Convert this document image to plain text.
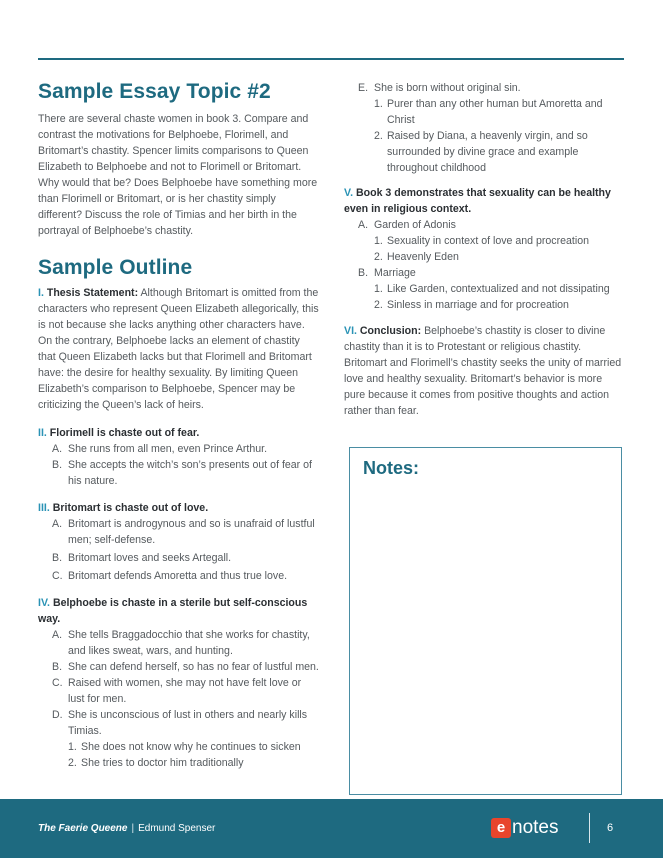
Sample Essay Topic #2

There are several chaste women in book 3. Compare and contrast the motivations for Belphoebe, Florimell, and Britomart’s chastity. Spencer limits comparisons to Queen Elizabeth to Belphoebe and not to Florimell or Britomart. Why would that be? Does Belphoebe have something more than Florimell or Britomart, or is her chastity simply different? Discuss the role of Timias and her birth in the portrayal of Belphoebe’s chastity.

Sample Outline

I. Thesis Statement: Although Britomart is omitted from the characters who represent Queen Elizabeth allegorically, this is not because she lacks anything other characters have. On the contrary, Belphoebe lacks an element of chastity that Queen Elizabeth lacks but that Florimell and Britomart have: the desire for healthy sexuality. By limiting Queen Elizabeth’s comparison to Belphoebe, Spencer may be criticizing the Queen’s lack of heirs.

II. Florimell is chaste out of fear.
A. She runs from all men, even Prince Arthur.
B. She accepts the witch’s son’s presents out of fear of his nature.
III. Britomart is chaste out of love.
A. Britomart is androgynous and so is unafraid of lustful men; self-defense.
B. Britomart loves and seeks Artegall.
C. Britomart defends Amoretta and thus true love.
IV. Belphoebe is chaste in a sterile but self-conscious way.
A. She tells Braggadocchio that she works for chastity, and likes sweat, wars, and hunting.
B. She can defend herself, so has no fear of lustful men.
C. Raised with women, she may not have felt love or lust for men.
D. She is unconscious of lust in others and nearly kills Timias.
1. She does not know why he continues to sicken
2. She tries to doctor him traditionally
E. She is born without original sin.
1. Purer than any other human but Amoretta and Christ
2. Raised by Diana, a heavenly virgin, and so surrounded by divine grace and example throughout childhood
V. Book 3 demonstrates that sexuality can be healthy even in religious context.
A. Garden of Adonis
1. Sexuality in context of love and procreation
2. Heavenly Eden
B. Marriage
1. Like Garden, contextualized and not dissipating
2. Sinless in marriage and for procreation

VI. Conclusion: Belphoebe’s chastity is closer to divine chastity than it is to Protestant or religious chastity. Britomart and Florimell’s chastity seeks the unity of married love and healthy sexuality. Britomart’s behavior is more pure because it comes from positive thoughts and action rather than fear.

Notes:
The Faerie Queene | Edmund Spenser	e notes	6
